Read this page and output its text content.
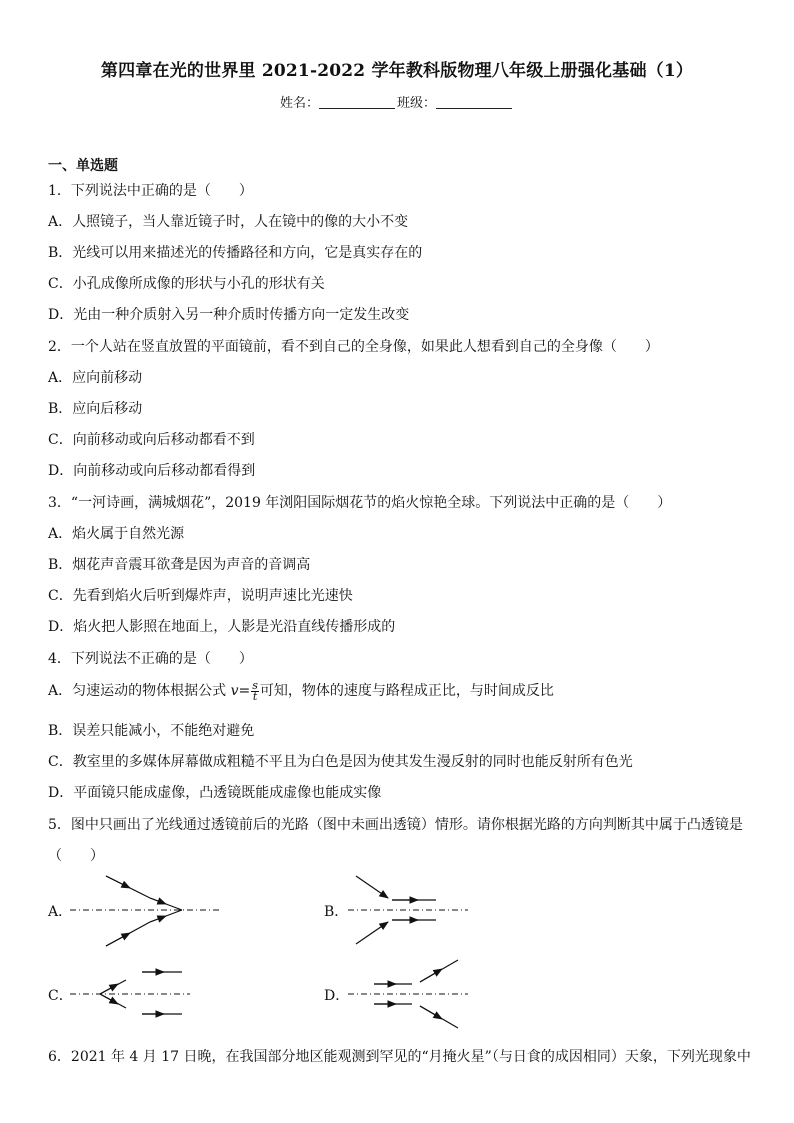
第四章在光的世界里 2021-2022 学年教科版物理八年级上册强化基础（1）
姓名：	班级：
一、单选题
1．下列说法中正确的是（　　）
A．人照镜子，当人靠近镜子时，人在镜中的像的大小不变
B．光线可以用来描述光的传播路径和方向，它是真实存在的
C．小孔成像所成像的形状与小孔的形状有关
D．光由一种介质射入另一种介质时传播方向一定发生改变
2．一个人站在竖直放置的平面镜前，看不到自己的全身像，如果此人想看到自己的全身像（　　）
A．应向前移动
B．应向后移动
C．向前移动或向后移动都看不到
D．向前移动或向后移动都看得到
3．“一河诗画，满城烟花”，2019 年浏阳国际烟花节的焰火惊艳全球。下列说法中正确的是（　　）
A．焰火属于自然光源
B．烟花声音震耳欲聋是因为声音的音调高
C．先看到焰火后听到爆炸声，说明声速比光速快
D．焰火把人影照在地面上，人影是光沿直线传播形成的
4．下列说法不正确的是（　　）
A．匀速运动的物体根据公式 $v= \frac{s}{t}$ 可知，物体的速度与路程成正比，与时间成反比
B．误差只能减小，不能绝对避免
C．教室里的多媒体屏幕做成粗糙不平且为白色是因为使其发生漫反射的同时也能反射所有色光
D．平面镜只能成虚像，凸透镜既能成虚像也能成实像
5．图中只画出了光线通过透镜前后的光路（图中未画出透镜）情形。请你根据光路的方向判断其中属于凸透镜是
（　　）
A．	B．
C．	D．
6．2021 年 4 月 17 日晚，在我国部分地区能观测到罕见的“月掩火星”（与日食的成因相同）天象，下列光现象中
